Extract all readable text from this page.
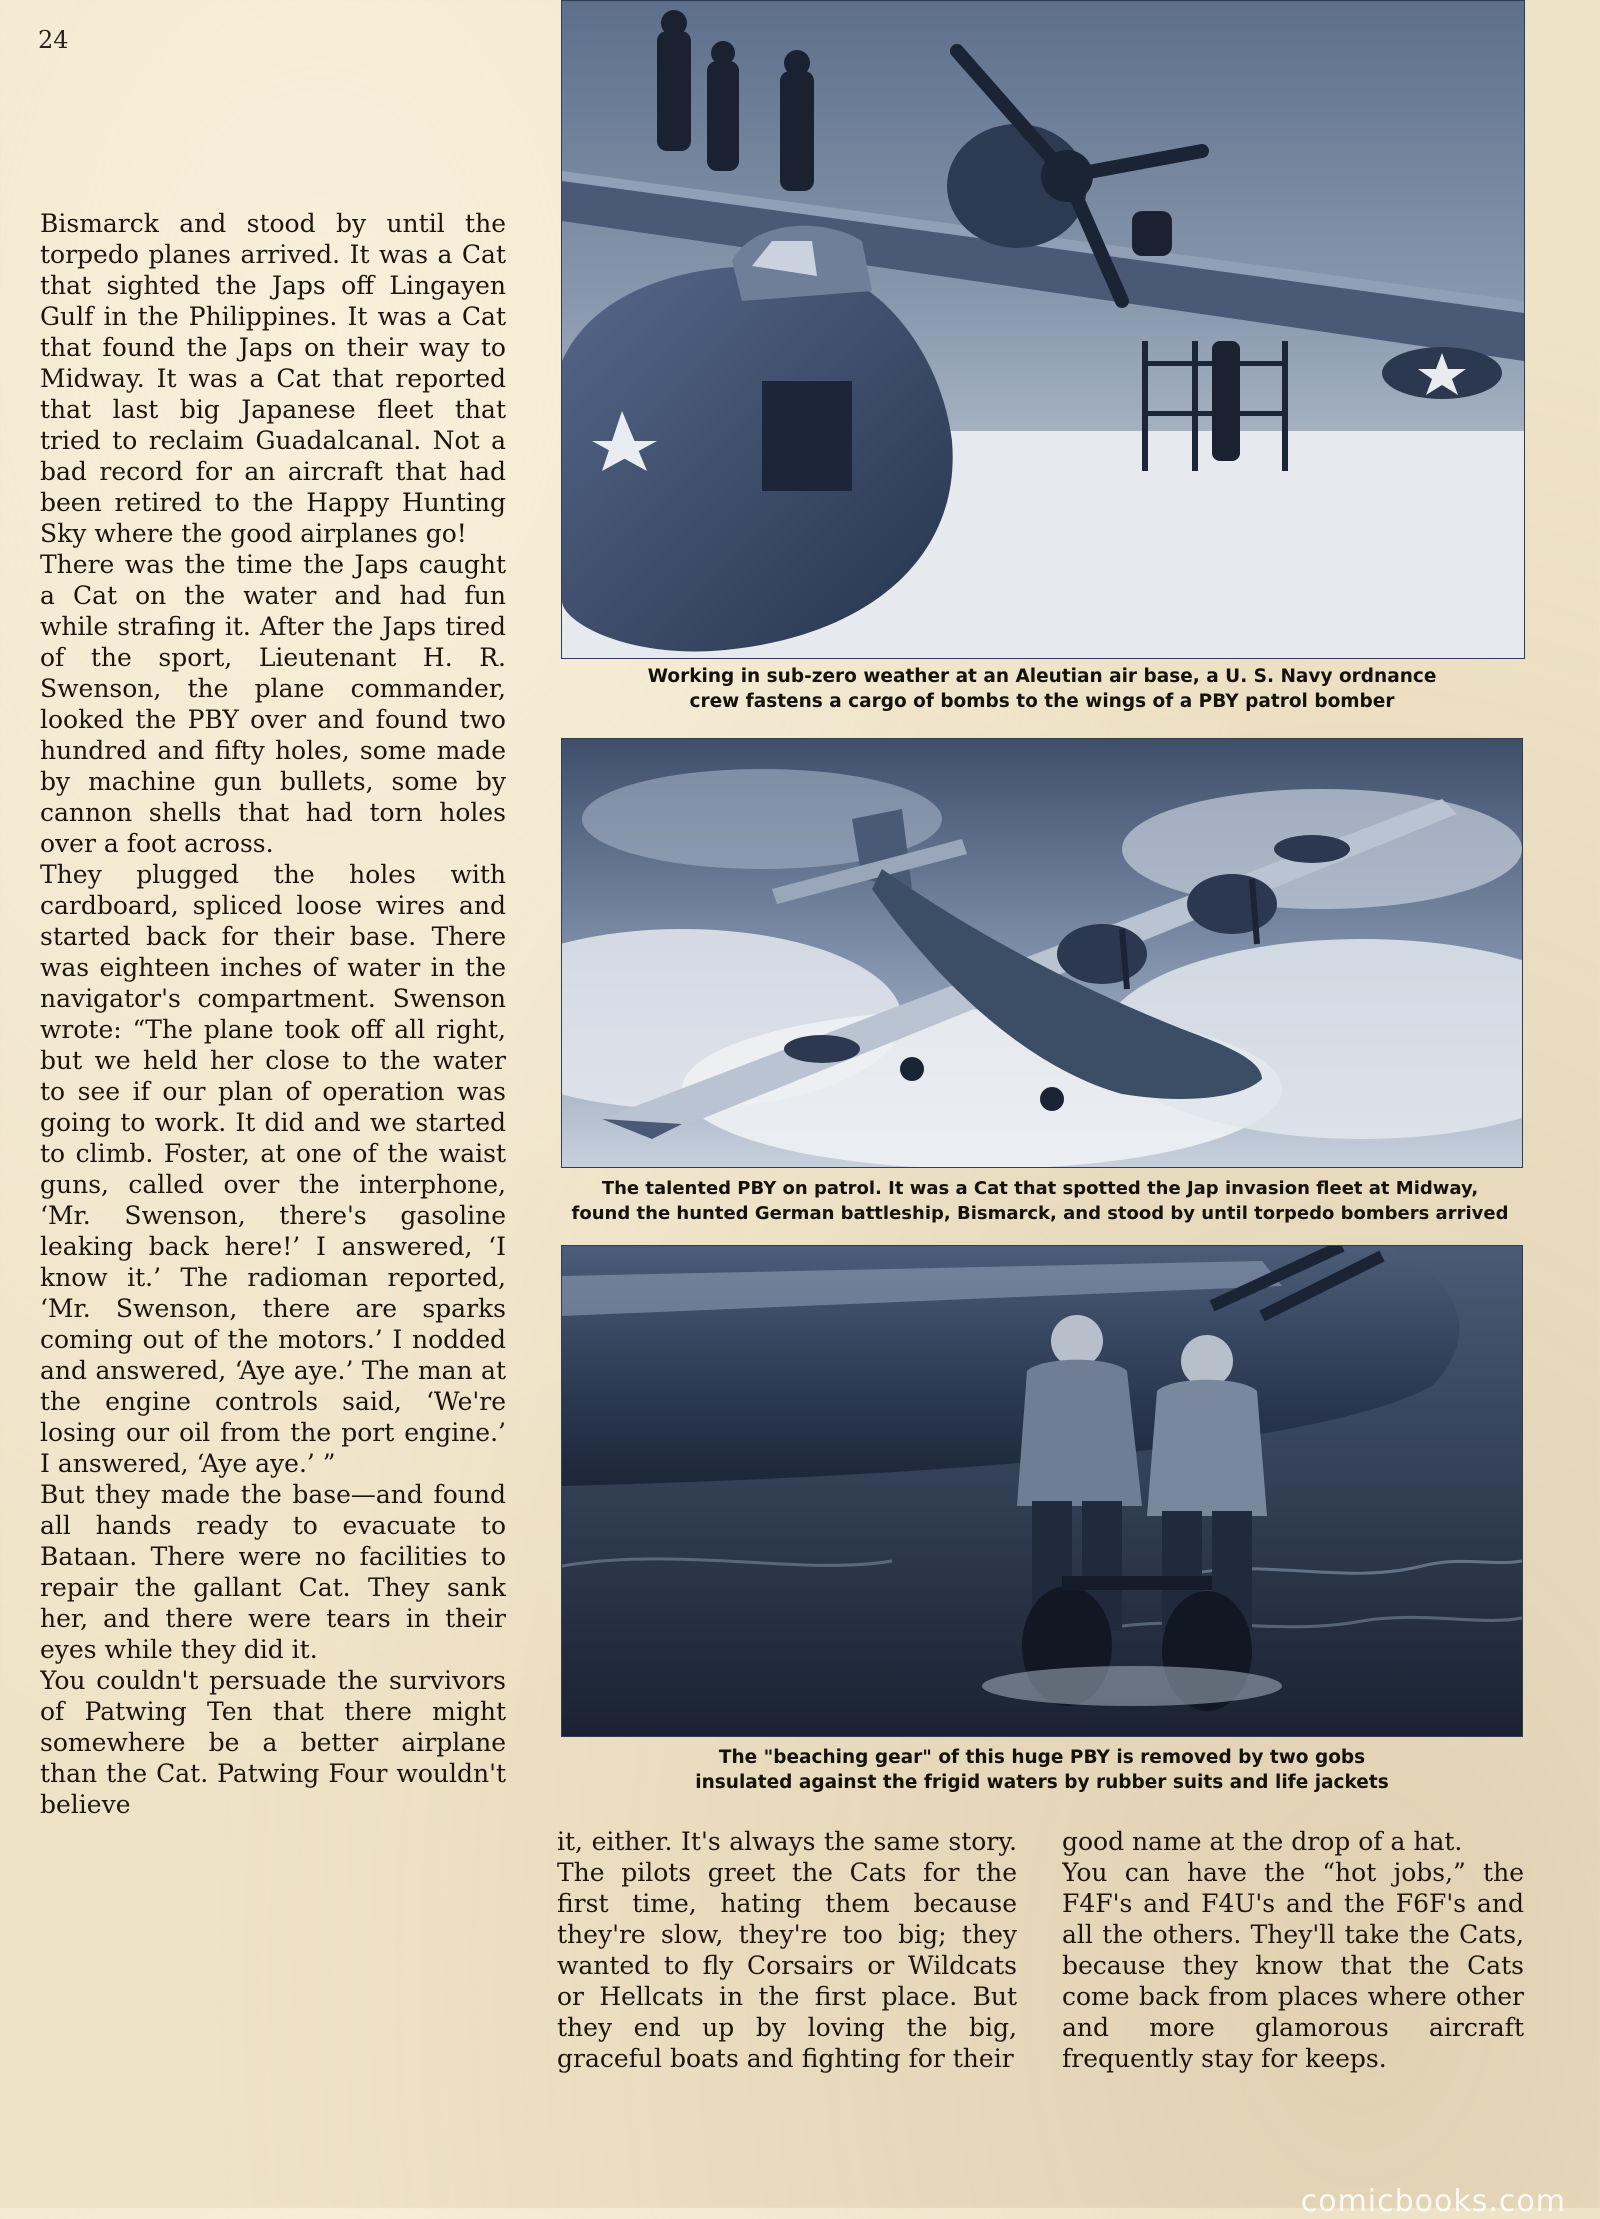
24

Bismarck and stood by until the torpedo planes arrived. It was a Cat that sighted the Japs off Lingayen Gulf in the Philippines. It was a Cat that found the Japs on their way to Midway. It was a Cat that reported that last big Japanese fleet that tried to reclaim Guadalcanal. Not a bad record for an aircraft that had been retired to the Happy Hunting Sky where the good airplanes go!
There was the time the Japs caught a Cat on the water and had fun while strafing it. After the Japs tired of the sport, Lieutenant H. R. Swenson, the plane commander, looked the PBY over and found two hundred and fifty holes, some made by machine gun bullets, some by cannon shells that had torn holes over a foot across.
They plugged the holes with cardboard, spliced loose wires and started back for their base. There was eighteen inches of water in the navigator's compartment. Swenson wrote: “The plane took off all right, but we held her close to the water to see if our plan of operation was going to work. It did and we started to climb. Foster, at one of the waist guns, called over the interphone, ‘Mr. Swenson, there's gasoline leaking back here!’ I answered, ‘I know it.’ The radioman reported, ‘Mr. Swenson, there are sparks coming out of the motors.’ I nodded and answered, ‘Aye aye.’ The man at the engine controls said, ‘We're losing our oil from the port engine.’ I answered, ‘Aye aye.’ ”
But they made the base—and found all hands ready to evacuate to Bataan. There were no facilities to repair the gallant Cat. They sank her, and there were tears in their eyes while they did it.
You couldn't persuade the survivors of Patwing Ten that there might somewhere be a better airplane than the Cat. Patwing Four wouldn't believe

it, either. It's always the same story. The pilots greet the Cats for the first time, hating them because they're slow, they're too big; they wanted to fly Corsairs or Wildcats or Hellcats in the first place. But they end up by loving the big, graceful boats and fighting for their

good name at the drop of a hat.
You can have the “hot jobs,” the F4F's and F4U's and the F6F's and all the others. They'll take the Cats, because they know that the Cats come back from places where other and more glamorous aircraft frequently stay for keeps.

Working in sub-zero weather at an Aleutian air base, a U. S. Navy ordnance
crew fastens a cargo of bombs to the wings of a PBY patrol bomber

The talented PBY on patrol. It was a Cat that spotted the Jap invasion fleet at Midway,
found the hunted German battleship, Bismarck, and stood by until torpedo bombers arrived

The "beaching gear" of this huge PBY is removed by two gobs
insulated against the frigid waters by rubber suits and life jackets

comicbooks.com
